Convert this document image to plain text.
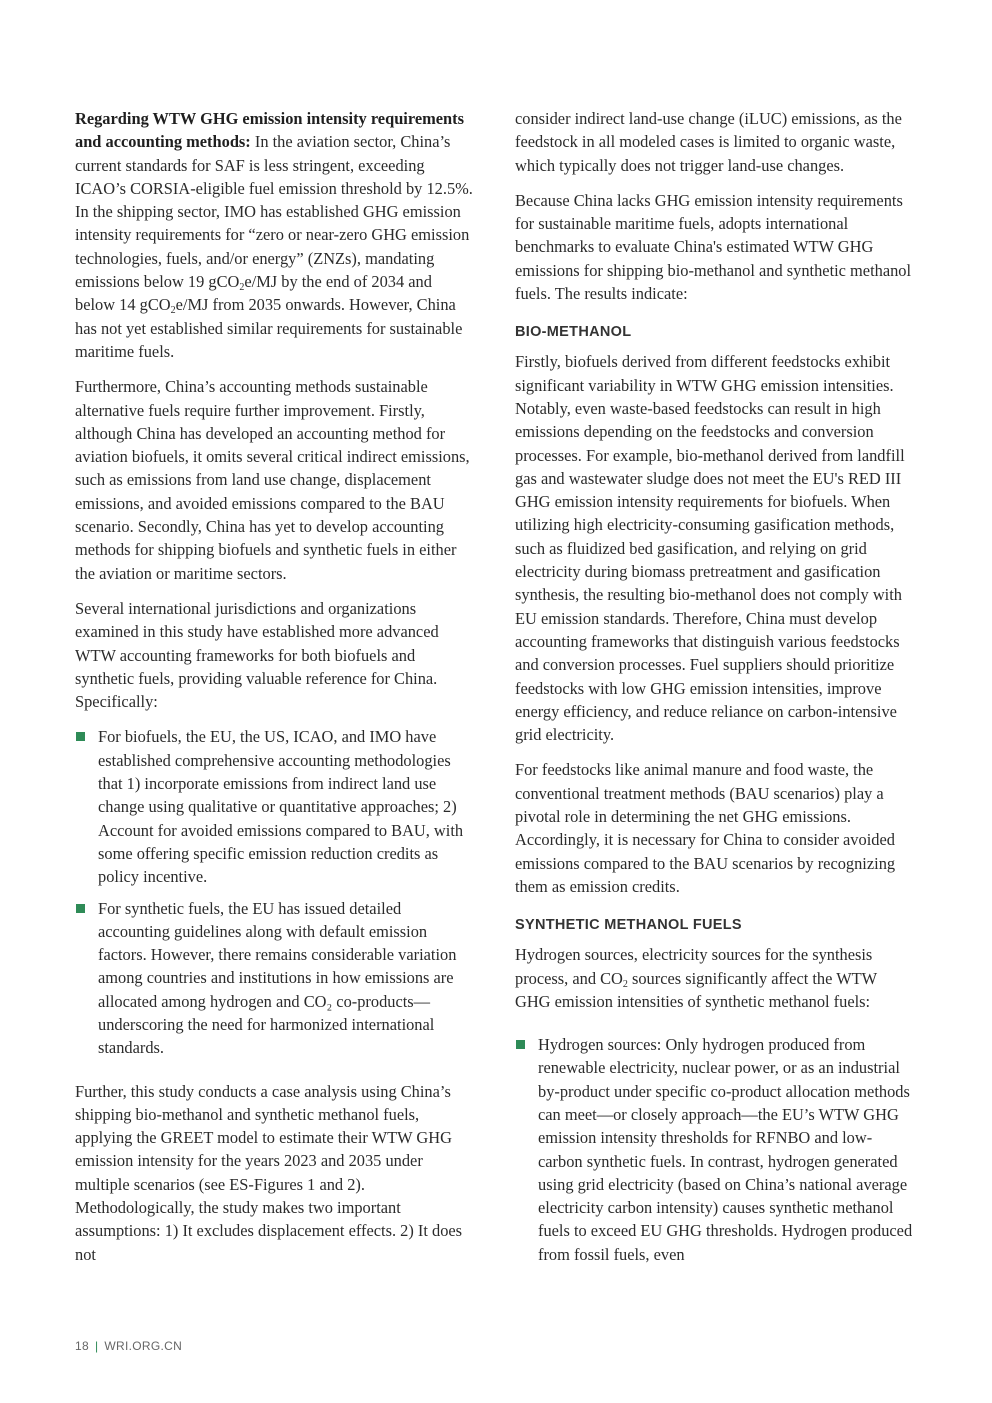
Regarding WTW GHG emission intensity requirements and accounting methods: In the aviation sector, China’s current standards for SAF is less stringent, exceeding ICAO’s CORSIA-eligible fuel emission threshold by 12.5%. In the shipping sector, IMO has established GHG emission intensity requirements for “zero or near-zero GHG emission technologies, fuels, and/or energy” (ZNZs), mandating emissions below 19 gCO$_2$e/MJ by the end of 2034 and below 14 gCO$_2$e/MJ from 2035 onwards. However, China has not yet established similar requirements for sustainable maritime fuels.

Furthermore, China’s accounting methods sustainable alternative fuels require further improvement. Firstly, although China has developed an accounting method for aviation biofuels, it omits several critical indirect emissions, such as emissions from land use change, displacement emissions, and avoided emissions compared to the BAU scenario. Secondly, China has yet to develop accounting methods for shipping biofuels and synthetic fuels in either the aviation or maritime sectors.

Several international jurisdictions and organizations examined in this study have established more advanced WTW accounting frameworks for both biofuels and synthetic fuels, providing valuable reference for China. Specifically:

For biofuels, the EU, the US, ICAO, and IMO have established comprehensive accounting methodologies that 1) incorporate emissions from indirect land use change using qualitative or quantitative approaches; 2) Account for avoided emissions compared to BAU, with some offering specific emission reduction credits as policy incentive.
For synthetic fuels, the EU has issued detailed accounting guidelines along with default emission factors. However, there remains considerable variation among countries and institutions in how emissions are allocated among hydrogen and CO₂ co-products—underscoring the need for harmonized international standards.

Further, this study conducts a case analysis using China’s shipping bio-methanol and synthetic methanol fuels, applying the GREET model to estimate their WTW GHG emission intensity for the years 2023 and 2035 under multiple scenarios (see ES-Figures 1 and 2). Methodologically, the study makes two important assumptions: 1) It excludes displacement effects. 2) It does not

consider indirect land-use change (iLUC) emissions, as the feedstock in all modeled cases is limited to organic waste, which typically does not trigger land-use changes.

Because China lacks GHG emission intensity requirements for sustainable maritime fuels, adopts international benchmarks to evaluate China's estimated WTW GHG emissions for shipping bio-methanol and synthetic methanol fuels. The results indicate:

BIO-METHANOL

Firstly, biofuels derived from different feedstocks exhibit significant variability in WTW GHG emission intensities. Notably, even waste-based feedstocks can result in high emissions depending on the feedstocks and conversion processes. For example, bio-methanol derived from landfill gas and wastewater sludge does not meet the EU's RED III GHG emission intensity requirements for biofuels. When utilizing high electricity-consuming gasification methods, such as fluidized bed gasification, and relying on grid electricity during biomass pretreatment and gasification synthesis, the resulting bio-methanol does not comply with EU emission standards. Therefore, China must develop accounting frameworks that distinguish various feedstocks and conversion processes. Fuel suppliers should prioritize feedstocks with low GHG emission intensities, improve energy efficiency, and reduce reliance on carbon-intensive grid electricity.

For feedstocks like animal manure and food waste, the conventional treatment methods (BAU scenarios) play a pivotal role in determining the net GHG emissions. Accordingly, it is necessary for China to consider avoided emissions compared to the BAU scenarios by recognizing them as emission credits.

SYNTHETIC METHANOL FUELS

Hydrogen sources, electricity sources for the synthesis process, and $CO_2$ sources significantly affect the WTW GHG emission intensities of synthetic methanol fuels:

Hydrogen sources: Only hydrogen produced from renewable electricity, nuclear power, or as an industrial by-product under specific co-product allocation methods can meet—or closely approach—the EU’s WTW GHG emission intensity thresholds for RFNBO and low-carbon synthetic fuels. In contrast, hydrogen generated using grid electricity (based on China’s national average electricity carbon intensity) causes synthetic methanol fuels to exceed EU GHG thresholds. Hydrogen produced from fossil fuels, even
18 | WRI.ORG.CN
